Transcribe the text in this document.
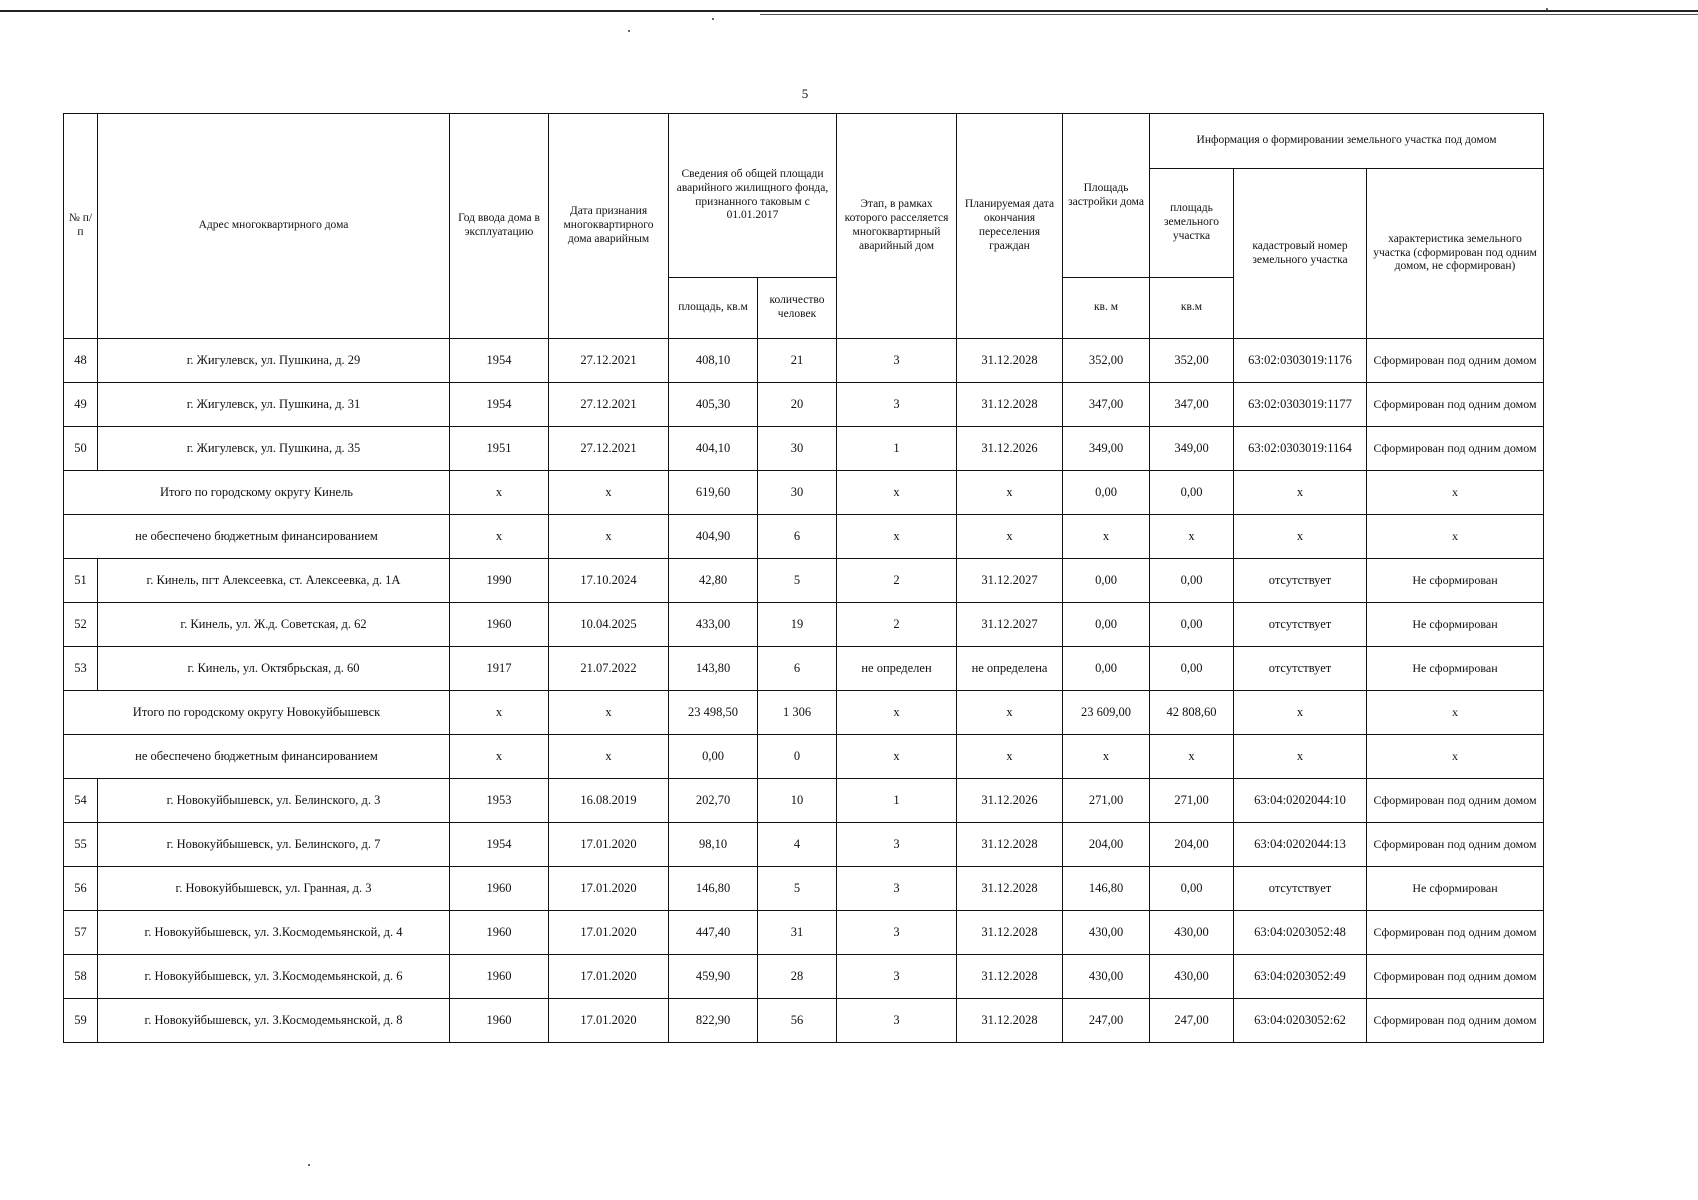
5
№ п/п	Адрес многоквартирного дома	Год ввода дома в эксплуатацию	Дата признания многоквартирного дома аварийным	Сведения об общей площади аварийного жилищного фонда, признанного таковым с 01.01.2017		Этап, в рамках которого расселяется многоквартирный аварийный дом	Планируемая дата окончания переселения граждан	Площадь застройки дома	Информация о формировании земельного участка под домом		
									площадь земельного участка	кадастровый номер земельного участка	характеристика земельного участка (сформирован под одним домом, не сформирован)
				площадь, кв.м	количество человек			кв. м	кв.м		
48	г. Жигулевск, ул. Пушкина, д. 29	1954	27.12.2021	408,10	21	3	31.12.2028	352,00	352,00	63:02:0303019:1176	Сформирован под одним домом
49	г. Жигулевск, ул. Пушкина, д. 31	1954	27.12.2021	405,30	20	3	31.12.2028	347,00	347,00	63:02:0303019:1177	Сформирован под одним домом
50	г. Жигулевск, ул. Пушкина, д. 35	1951	27.12.2021	404,10	30	1	31.12.2026	349,00	349,00	63:02:0303019:1164	Сформирован под одним домом
Итого по городскому округу Кинель		x	x	619,60	30	x	x	0,00	0,00	x	x
не обеспечено бюджетным финансированием		x	x	404,90	6	x	x	x	x	x	x
51	г. Кинель, пгт Алексеевка, ст. Алексеевка, д. 1А	1990	17.10.2024	42,80	5	2	31.12.2027	0,00	0,00	отсутствует	Не сформирован
52	г. Кинель, ул. Ж.д. Советская, д. 62	1960	10.04.2025	433,00	19	2	31.12.2027	0,00	0,00	отсутствует	Не сформирован
53	г. Кинель, ул. Октябрьская, д. 60	1917	21.07.2022	143,80	6	не определен	не определена	0,00	0,00	отсутствует	Не сформирован
Итого по городскому округу Новокуйбышевск		x	x	23 498,50	1 306	x	x	23 609,00	42 808,60	x	x
не обеспечено бюджетным финансированием		x	x	0,00	0	x	x	x	x	x	x
54	г. Новокуйбышевск, ул. Белинского, д. 3	1953	16.08.2019	202,70	10	1	31.12.2026	271,00	271,00	63:04:0202044:10	Сформирован под одним домом
55	г. Новокуйбышевск, ул. Белинского, д. 7	1954	17.01.2020	98,10	4	3	31.12.2028	204,00	204,00	63:04:0202044:13	Сформирован под одним домом
56	г. Новокуйбышевск, ул. Гранная, д. 3	1960	17.01.2020	146,80	5	3	31.12.2028	146,80	0,00	отсутствует	Не сформирован
57	г. Новокуйбышевск, ул. З.Космодемьянской, д. 4	1960	17.01.2020	447,40	31	3	31.12.2028	430,00	430,00	63:04:0203052:48	Сформирован под одним домом
58	г. Новокуйбышевск, ул. З.Космодемьянской, д. 6	1960	17.01.2020	459,90	28	3	31.12.2028	430,00	430,00	63:04:0203052:49	Сформирован под одним домом
59	г. Новокуйбышевск, ул. З.Космодемьянской, д. 8	1960	17.01.2020	822,90	56	3	31.12.2028	247,00	247,00	63:04:0203052:62	Сформирован под одним домом
